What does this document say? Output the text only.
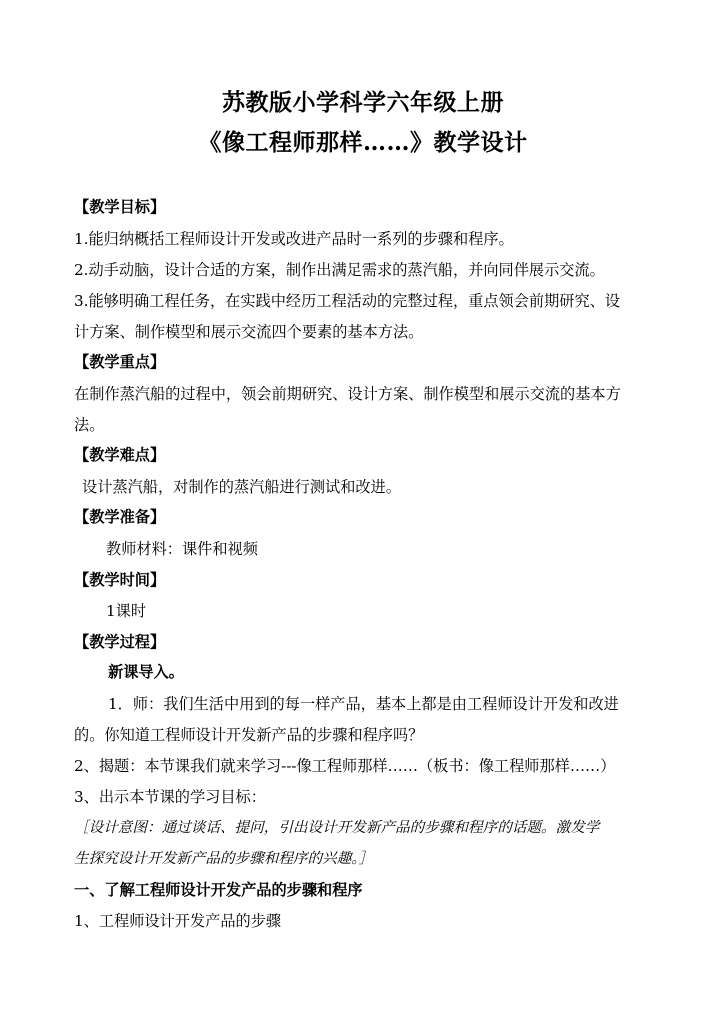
苏教版小学科学六年级上册
《像工程师那样……》教学设计
【教学目标】
1.能归纳概括工程师设计开发或改进产品时一系列的步骤和程序。
2.动手动脑，设计合适的方案，制作出满足需求的蒸汽船，并向同伴展示交流。
3.能够明确工程任务，在实践中经历工程活动的完整过程，重点领会前期研究、设
计方案、制作模型和展示交流四个要素的基本方法。
【教学重点】
在制作蒸汽船的过程中，领会前期研究、设计方案、制作模型和展示交流的基本方
法。
【教学难点】
设计蒸汽船，对制作的蒸汽船进行测试和改进。
【教学准备】
教师材料：课件和视频
【教学时间】
1课时
【教学过程】
新课导入。
1．师：我们生活中用到的每一样产品，基本上都是由工程师设计开发和改进
的。你知道工程师设计开发新产品的步骤和程序吗？
2、揭题：本节课我们就来学习---像工程师那样……（板书：像工程师那样……）
3、出示本节课的学习目标：
［设计意图：通过谈话、提问，引出设计开发新产品的步骤和程序的话题。激发学
生探究设计开发新产品的步骤和程序的兴趣。］
一、了解工程师设计开发产品的步骤和程序
1、工程师设计开发产品的步骤
